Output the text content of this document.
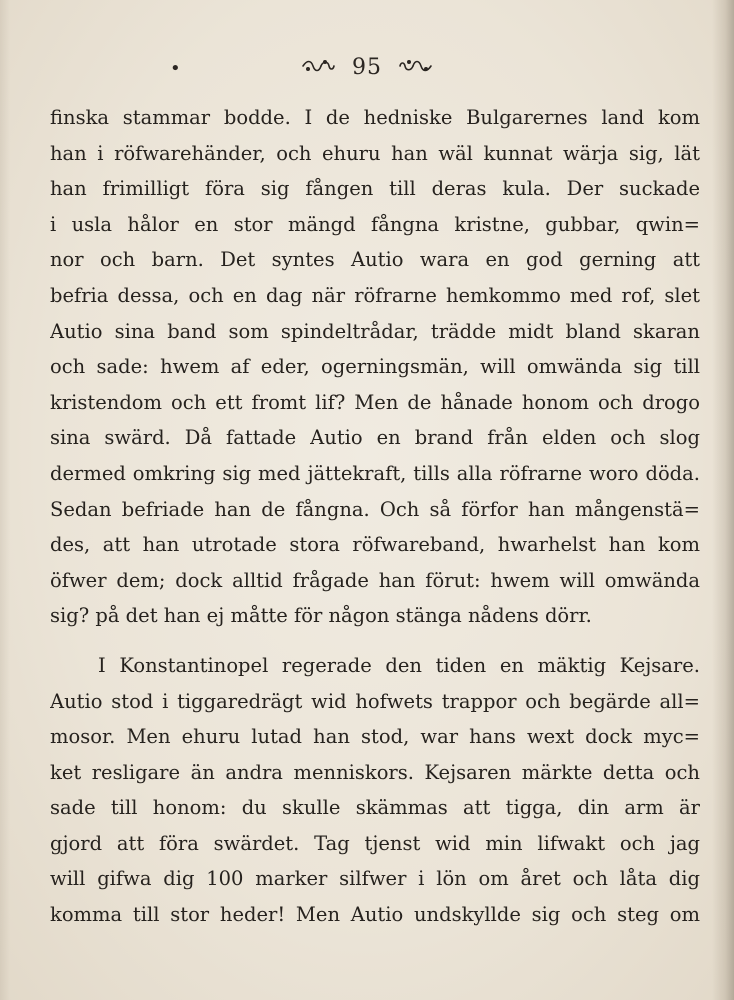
•	95
finska stammar bodde. I de hedniske Bulgarernes land kom
han i röfwarehänder, och ehuru han wäl kunnat wärja sig, lät
han frimilligt föra sig fången till deras kula. Der suckade
i usla hålor en stor mängd fångna kristne, gubbar, qwin=
nor och barn. Det syntes Autio wara en god gerning att
befria dessa, och en dag när röfrarne hemkommo med rof, slet
Autio sina band som spindeltrådar, trädde midt bland skaran
och sade: hwem af eder, ogerningsmän, will omwända sig till
kristendom och ett fromt lif? Men de hånade honom och drogo
sina swärd. Då fattade Autio en brand från elden och slog
dermed omkring sig med jättekraft, tills alla röfrarne woro döda.
Sedan befriade han de fångna. Och så förfor han mångenstä=
des, att han utrotade stora röfwareband, hwarhelst han kom
öfwer dem; dock alltid frågade han förut: hwem will omwända
sig? på det han ej måtte för någon stänga nådens dörr.
I Konstantinopel regerade den tiden en mäktig Kejsare.
Autio stod i tiggaredrägt wid hofwets trappor och begärde all=
mosor. Men ehuru lutad han stod, war hans wext dock myc=
ket resligare än andra menniskors. Kejsaren märkte detta och
sade till honom: du skulle skämmas att tigga, din arm är
gjord att föra swärdet. Tag tjenst wid min lifwakt och jag
will gifwa dig 100 marker silfwer i lön om året och låta dig
komma till stor heder! Men Autio undskyllde sig och steg om
